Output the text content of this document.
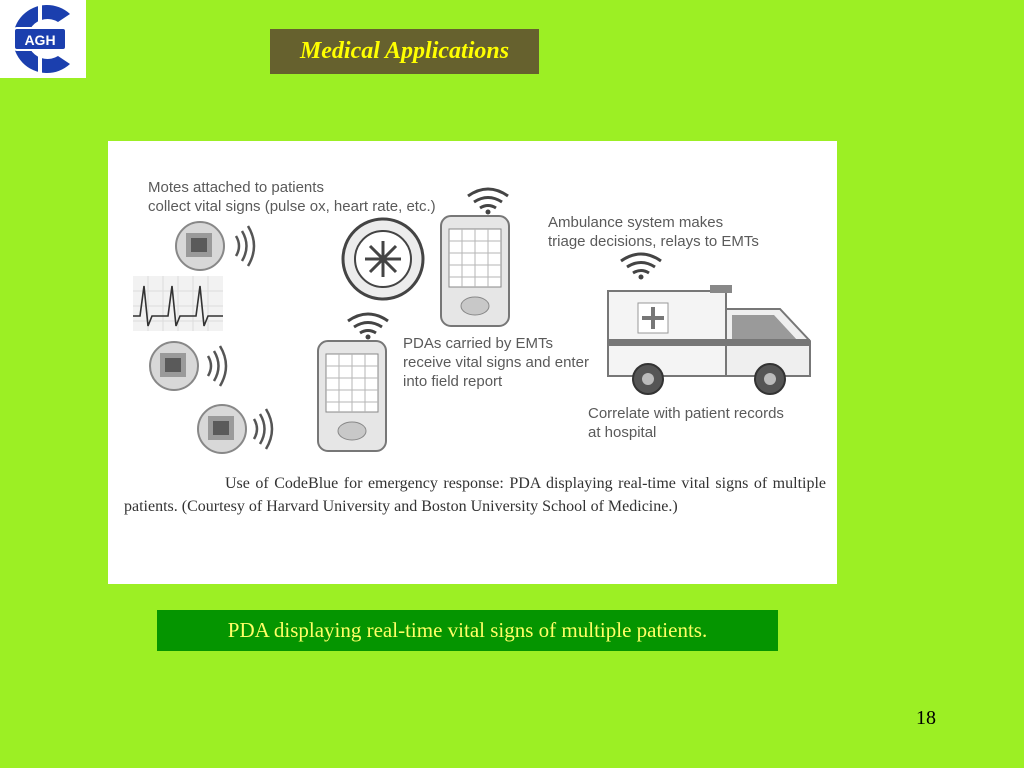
AGH	Medical Applications
Motes attached to patients
collect vital signs (pulse ox, heart rate, etc.)
Ambulance system makes
triage decisions, relays to EMTs
PDAs carried by EMTs
receive vital signs and enter
into field report
Correlate with patient records
at hospital
Use of CodeBlue for emergency response: PDA displaying real-time vital signs of multiple patients. (Courtesy of Harvard University and Boston University School of Medicine.)
PDA displaying real-time vital signs of multiple patients.
18
